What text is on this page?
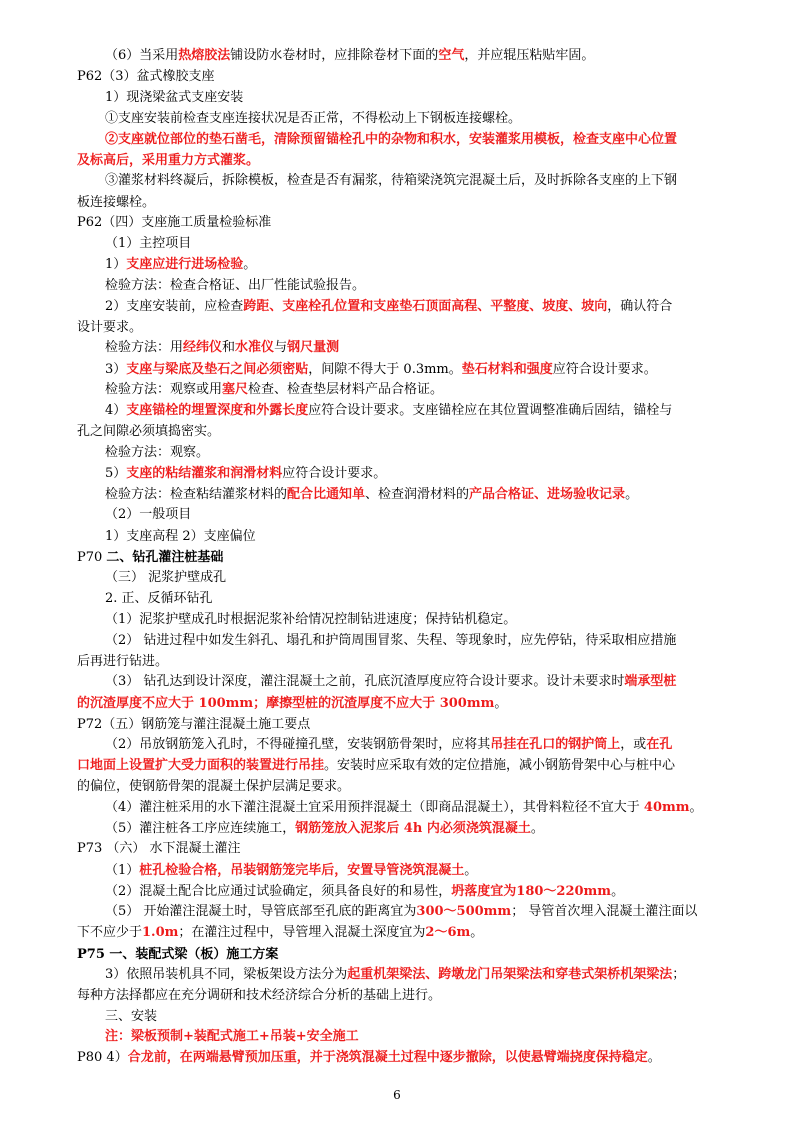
（6）当采用热熔胶法铺设防水卷材时，应排除卷材下面的空气，并应辊压粘贴牢固。
P62（3）盆式橡胶支座
1）现浇梁盆式支座安装
①支座安装前检查支座连接状况是否正常，不得松动上下钢板连接螺栓。
②支座就位部位的垫石凿毛，清除预留锚栓孔中的杂物和积水，安装灌浆用模板，检查支座中心位置
及标高后，采用重力方式灌浆。
③灌浆材料终凝后，拆除模板，检查是否有漏浆，待箱梁浇筑完混凝土后，及时拆除各支座的上下钢
板连接螺栓。
P62（四）支座施工质量检验标准
（1）主控项目
1）支座应进行进场检验。
检验方法：检查合格证、出厂性能试验报告。
2）支座安装前，应检查跨距、支座栓孔位置和支座垫石顶面高程、平整度、坡度、坡向，确认符合
设计要求。
检验方法：用经纬仪和水准仪与钢尺量测
3）支座与梁底及垫石之间必须密贴，间隙不得大于 0.3mm。垫石材料和强度应符合设计要求。
检验方法：观察或用塞尺检查、检查垫层材料产品合格证。
4）支座锚栓的埋置深度和外露长度应符合设计要求。支座锚栓应在其位置调整准确后固结，锚栓与
孔之间隙必须填捣密实。
检验方法：观察。
5）支座的粘结灌浆和润滑材料应符合设计要求。
检验方法：检查粘结灌浆材料的配合比通知单、检查润滑材料的产品合格证、进场验收记录。
（2）一般项目
1）支座高程 2）支座偏位
P70 二、钻孔灌注桩基础
（三） 泥浆护壁成孔
2. 正、反循环钻孔
（1）泥浆护壁成孔时根据泥浆补给情况控制钻进速度；保持钻机稳定。
（2） 钻进过程中如发生斜孔、塌孔和护筒周围冒浆、失程、等现象时，应先停钻，待采取相应措施
后再进行钻进。
（3） 钻孔达到设计深度，灌注混凝土之前，孔底沉渣厚度应符合设计要求。设计未要求时端承型桩
的沉渣厚度不应大于 100mm；摩擦型桩的沉渣厚度不应大于 300mm。
P72（五）钢筋笼与灌注混凝土施工要点
（2）吊放钢筋笼入孔时，不得碰撞孔壁，安装钢筋骨架时，应将其吊挂在孔口的钢护筒上，或在孔
口地面上设置扩大受力面积的装置进行吊挂。安装时应采取有效的定位措施，减小钢筋骨架中心与桩中心
的偏位，使钢筋骨架的混凝土保护层满足要求。
（4）灌注桩采用的水下灌注混凝土宜采用预拌混凝土（即商品混凝土），其骨料粒径不宜大于 40mm。
（5）灌注桩各工序应连续施工，钢筋笼放入泥浆后 4h 内必须浇筑混凝土。
P73 （六） 水下混凝土灌注
（1）桩孔检验合格，吊装钢筋笼完毕后，安置导管浇筑混凝土。
（2）混凝土配合比应通过试验确定，须具备良好的和易性，坍落度宜为180～220mm。
（5） 开始灌注混凝土时，导管底部至孔底的距离宜为300～500mm； 导管首次埋入混凝土灌注面以
下不应少于1.0m；在灌注过程中，导管埋入混凝土深度宜为2～6m。
P75 一、装配式梁（板）施工方案
3）依照吊装机具不同，梁板架设方法分为起重机架梁法、跨墩龙门吊架梁法和穿巷式架桥机架梁法；
每种方法择都应在充分调研和技术经济综合分析的基础上进行。
三、安装
注：梁板预制+装配式施工+吊装+安全施工
P80 4）合龙前，在两端悬臂预加压重，并于浇筑混凝土过程中逐步撤除，以使悬臂端挠度保持稳定。
6
